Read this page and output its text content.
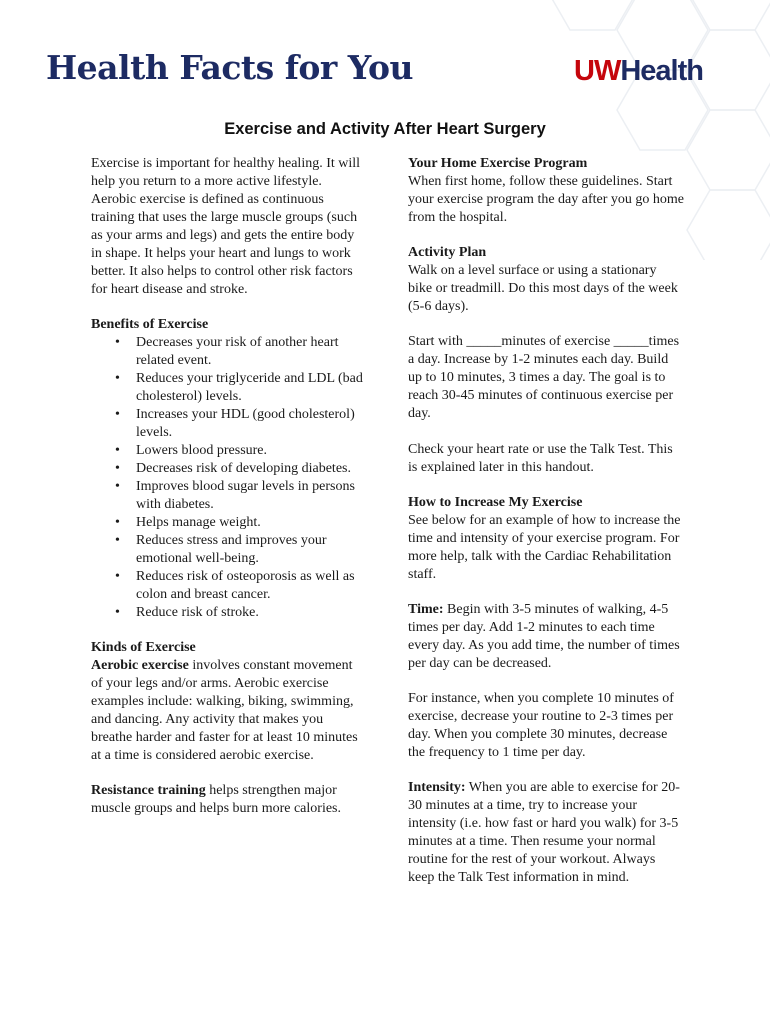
Health Facts for You	UWHealth
Exercise and Activity After Heart Surgery

Exercise is important for healthy healing. It will help you return to a more active lifestyle. Aerobic exercise is defined as continuous training that uses the large muscle groups (such as your arms and legs) and gets the entire body in shape. It helps your heart and lungs to work better. It also helps to control other risk factors for heart disease and stroke.

Benefits of Exercise
• Decreases your risk of another heart related event.
• Reduces your triglyceride and LDL (bad cholesterol) levels.
• Increases your HDL (good cholesterol) levels.
• Lowers blood pressure.
• Decreases risk of developing diabetes.
• Improves blood sugar levels in persons with diabetes.
• Helps manage weight.
• Reduces stress and improves your emotional well-being.
• Reduces risk of osteoporosis as well as colon and breast cancer.
• Reduce risk of stroke.
Kinds of Exercise

Aerobic exercise involves constant movement of your legs and/or arms. Aerobic exercise examples include: walking, biking, swimming, and dancing. Any activity that makes you breathe harder and faster for at least 10 minutes at a time is considered aerobic exercise.

Resistance training helps strengthen major muscle groups and helps burn more calories.

Your Home Exercise Program

When first home, follow these guidelines. Start your exercise program the day after you go home from the hospital.

Activity Plan

Walk on a level surface or using a stationary bike or treadmill. Do this most days of the week (5-6 days).

Start with _____minutes of exercise _____times a day. Increase by 1-2 minutes each day. Build up to 10 minutes, 3 times a day. The goal is to reach 30-45 minutes of continuous exercise per day.

Check your heart rate or use the Talk Test. This is explained later in this handout.

How to Increase My Exercise

See below for an example of how to increase the time and intensity of your exercise program. For more help, talk with the Cardiac Rehabilitation staff.

Time: Begin with 3-5 minutes of walking, 4-5 times per day. Add 1-2 minutes to each time every day. As you add time, the number of times per day can be decreased.

For instance, when you complete 10 minutes of exercise, decrease your routine to 2-3 times per day. When you complete 30 minutes, decrease the frequency to 1 time per day.

Intensity: When you are able to exercise for 20-30 minutes at a time, try to increase your intensity (i.e. how fast or hard you walk) for 3-5 minutes at a time. Then resume your normal routine for the rest of your workout. Always keep the Talk Test information in mind.
